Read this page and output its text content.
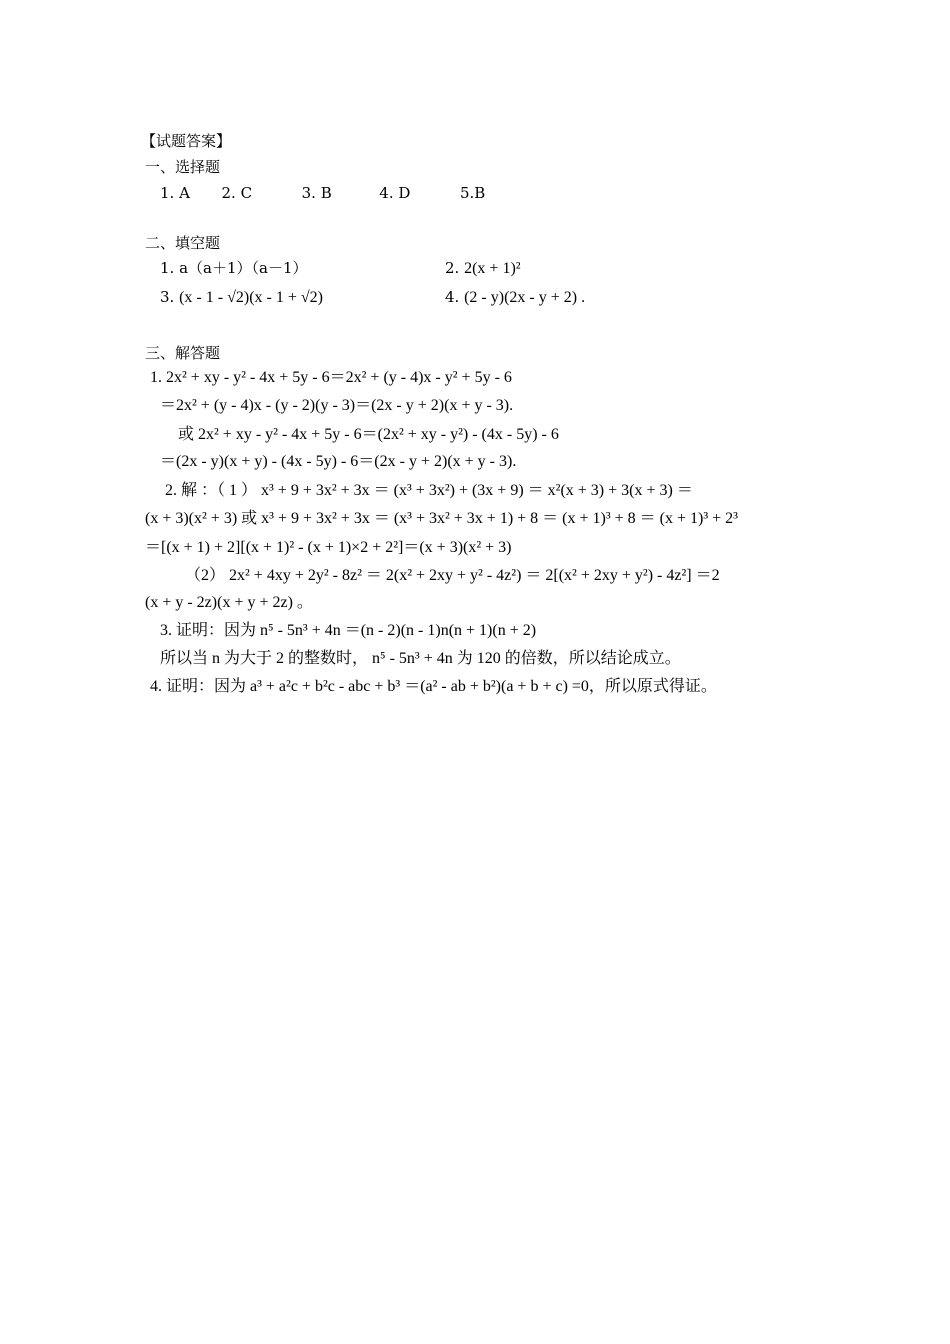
【试题答案】
一、选择题
1. A 2. C	3. B	4. D	5.B
二、填空题
1. a（a＋1）（a－1）	2. 2(x + 1)²
3. (x - 1 - √2)(x - 1 + √2)	4. (2 - y)(2x - y + 2) .
三、解答题
1. 2x² + xy - y² - 4x + 5y - 6＝2x² + (y - 4)x - y² + 5y - 6
＝2x² + (y - 4)x - (y - 2)(y - 3)＝(2x - y + 2)(x + y - 3).
或 2x² + xy - y² - 4x + 5y - 6＝(2x² + xy - y²) - (4x - 5y) - 6
＝(2x - y)(x + y) - (4x - 5y) - 6＝(2x - y + 2)(x + y - 3).
2. 解 ：（ 1 ） x³ + 9 + 3x² + 3x ＝ (x³ + 3x²) + (3x + 9) ＝ x²(x + 3) + 3(x + 3) ＝
(x + 3)(x² + 3) 或 x³ + 9 + 3x² + 3x ＝ (x³ + 3x² + 3x + 1) + 8 ＝ (x + 1)³ + 8 ＝ (x + 1)³ + 2³
＝[(x + 1) + 2][(x + 1)² - (x + 1)×2 + 2²]＝(x + 3)(x² + 3)
（2） 2x² + 4xy + 2y² - 8z² ＝ 2(x² + 2xy + y² - 4z²) ＝ 2[(x² + 2xy + y²) - 4z²] ＝2
(x + y - 2z)(x + y + 2z) 。
3. 证明：因为 n⁵ - 5n³ + 4n ＝(n - 2)(n - 1)n(n + 1)(n + 2)
所以当 n 为大于 2 的整数时， n⁵ - 5n³ + 4n 为 120 的倍数，所以结论成立。
4. 证明：因为 a³ + a²c + b²c - abc + b³ ＝(a² - ab + b²)(a + b + c) =0，所以原式得证。
